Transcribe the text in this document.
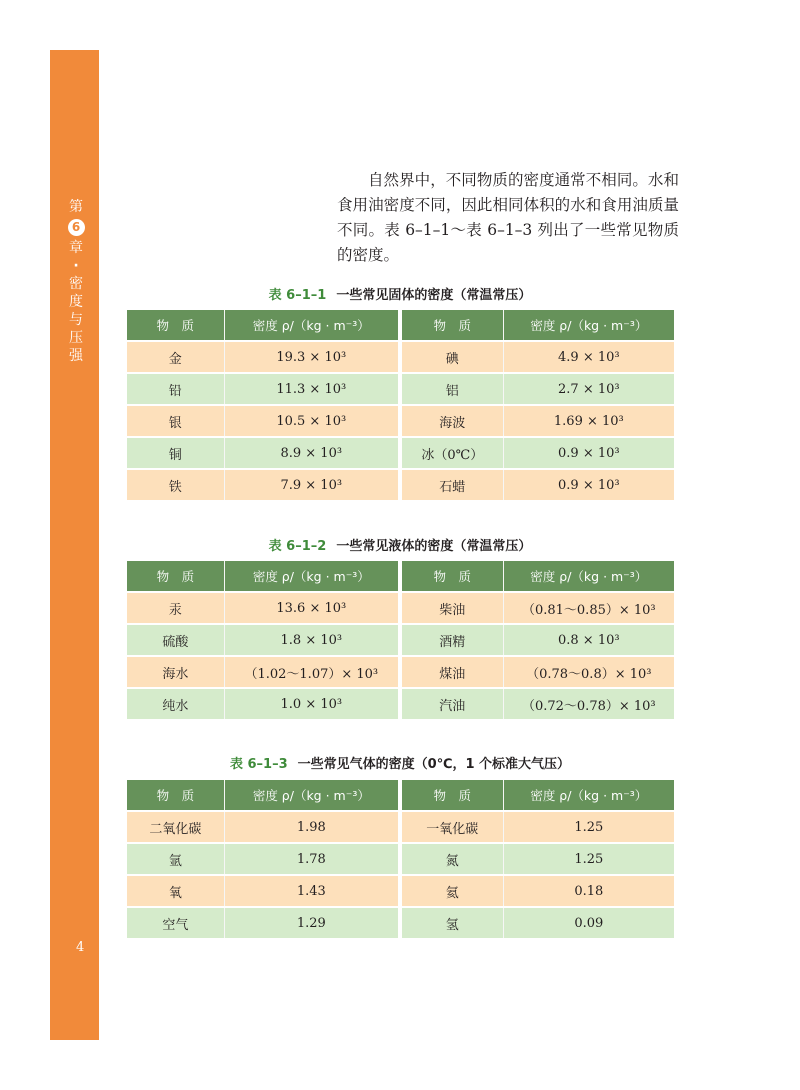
第
6
章
·
密
度
与
压
强
4

自然界中，不同物质的密度通常不相同。水和食用油密度不同，因此相同体积的水和食用油质量不同。表 6–1–1～表 6–1–3 列出了一些常见物质的密度。

表 6–1–1 一些常见固体的密度（常温常压）
物　质	密度 ρ/（kg · m⁻³）	物　质	密度 ρ/（kg · m⁻³）
金	19.3 × 10³	碘	4.9 × 10³
铅	11.3 × 10³	铝	2.7 × 10³
银	10.5 × 10³	海波	1.69 × 10³
铜	8.9 × 10³	冰（0℃）	0.9 × 10³
铁	7.9 × 10³	石蜡	0.9 × 10³
表 6–1–2 一些常见液体的密度（常温常压）
物　质	密度 ρ/（kg · m⁻³）	物　质	密度 ρ/（kg · m⁻³）
汞	13.6 × 10³	柴油	（0.81～0.85）× 10³
硫酸	1.8 × 10³	酒精	0.8 × 10³
海水	（1.02～1.07）× 10³	煤油	（0.78～0.8）× 10³
纯水	1.0 × 10³	汽油	（0.72～0.78）× 10³
表 6–1–3 一些常见气体的密度（0℃，1 个标准大气压）
物　质	密度 ρ/（kg · m⁻³）	物　质	密度 ρ/（kg · m⁻³）
二氧化碳	1.98	一氧化碳	1.25
氩	1.78	氮	1.25
氧	1.43	氦	0.18
空气	1.29	氢	0.09
